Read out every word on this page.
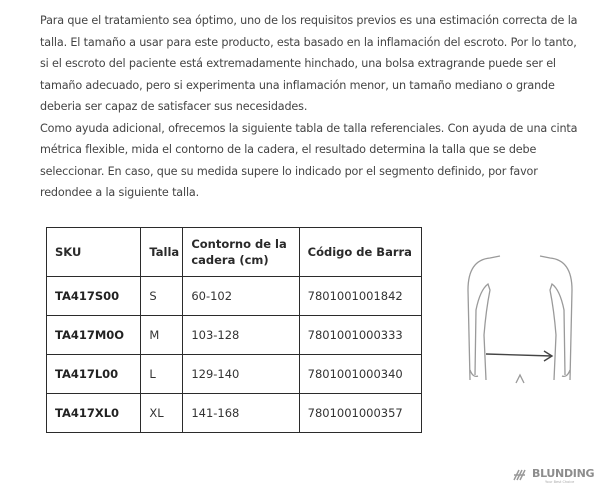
Para que el tratamiento sea óptimo, uno de los requisitos previos es una estimación correcta de la talla. El tamaño a usar para este producto, esta basado en la inflamación del escroto. Por lo tanto, si el escroto del paciente está extremadamente hinchado, una bolsa extragrande puede ser el tamaño adecuado, pero si experimenta una inflamación menor, un tamaño mediano o grande deberia ser capaz de satisfacer sus necesidades.

Como ayuda adicional, ofrecemos la siguiente tabla de talla referenciales. Con ayuda de una cinta métrica flexible, mida el contorno de la cadera, el resultado determina la talla que se debe seleccionar. En caso, que su medida supere lo indicado por el segmento definido, por favor redondee a la siguiente talla.

SKU	Talla	Contorno de la cadera (cm)	Código de Barra
TA417S00	S	60-102	7801001001842
TA417M0O	M	103-128	7801001000333
TA417L00	L	129-140	7801001000340
TA417XL0	XL	141-168	7801001000357
BLUNDING
Your Best Choice
